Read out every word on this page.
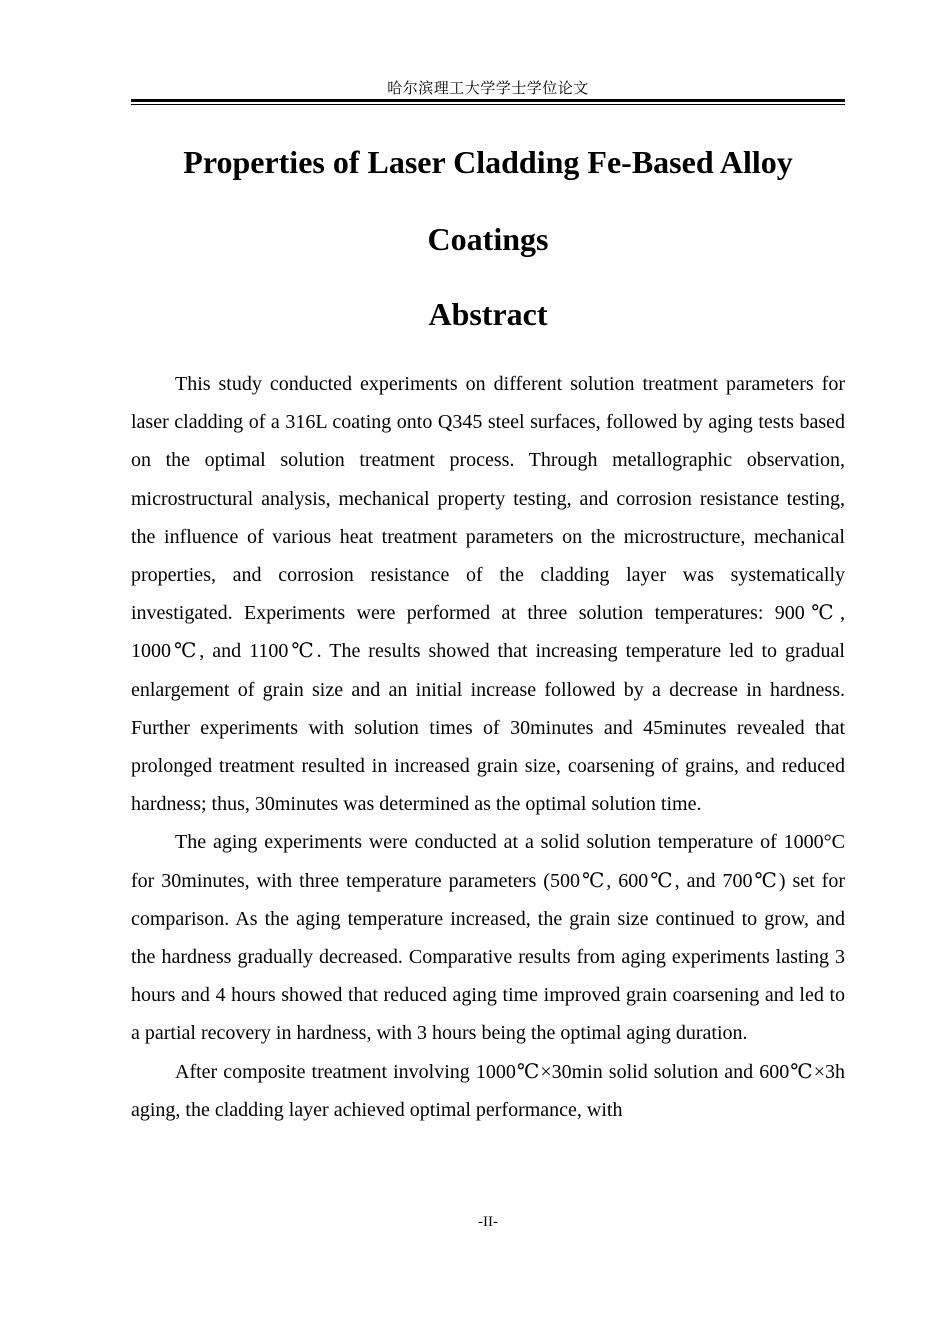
哈尔滨理工大学学士学位论文
Properties of Laser Cladding Fe-Based Alloy
Coatings
Abstract

This study conducted experiments on different solution treatment parameters for laser cladding of a 316L coating onto Q345 steel surfaces, followed by aging tests based on the optimal solution treatment process. Through metallographic observation, microstructural analysis, mechanical property testing, and corrosion resistance testing, the influence of various heat treatment parameters on the microstructure, mechanical properties, and corrosion resistance of the cladding layer was systematically investigated. Experiments were performed at three solution temperatures: 900℃, 1000℃, and 1100℃. The results showed that increasing temperature led to gradual enlargement of grain size and an initial increase followed by a decrease in hardness. Further experiments with solution times of 30minutes and 45minutes revealed that prolonged treatment resulted in increased grain size, coarsening of grains, and reduced hardness; thus, 30minutes was determined as the optimal solution time.

The aging experiments were conducted at a solid solution temperature of 1000°C for 30minutes, with three temperature parameters (500℃, 600℃, and 700℃) set for comparison. As the aging temperature increased, the grain size continued to grow, and the hardness gradually decreased. Comparative results from aging experiments lasting 3 hours and 4 hours showed that reduced aging time improved grain coarsening and led to a partial recovery in hardness, with 3 hours being the optimal aging duration.

After composite treatment involving 1000℃×30min solid solution and 600℃×3h aging, the cladding layer achieved optimal performance, with

-II-
